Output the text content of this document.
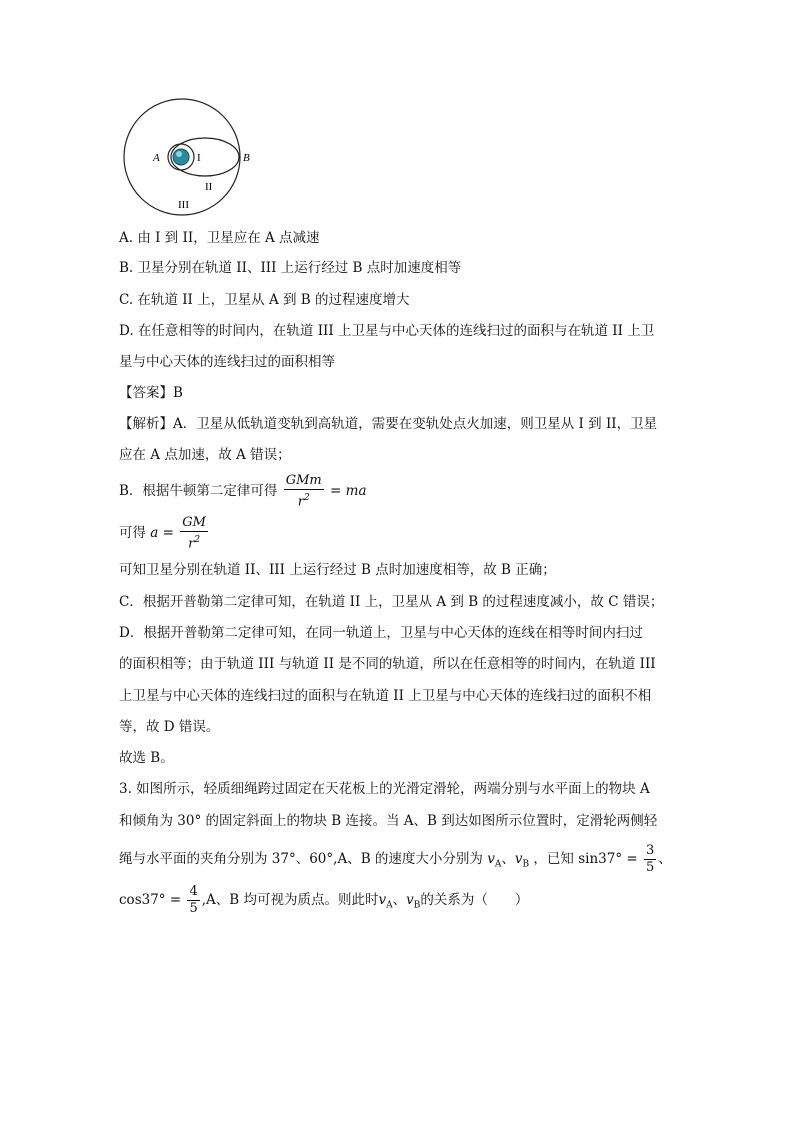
A	I	B
II
III
A. 由 I 到 II，卫星应在 A 点减速
B. 卫星分别在轨道 II、III 上运行经过 B 点时加速度相等
C. 在轨道 II 上，卫星从 A 到 B 的过程速度增大
D. 在任意相等的时间内，在轨道 III 上卫星与中心天体的连线扫过的面积与在轨道 II 上卫
星与中心天体的连线扫过的面积相等
【答案】B
【解析】A．卫星从低轨道变轨到高轨道，需要在变轨处点火加速，则卫星从 I 到 II，卫星
应在 A 点加速，故 A 错误；
B．根据牛顿第二定律可得 $\frac{\text{GMm}}{r^2}$ = ma
可得 $a = \frac{GM}{r^2}$
可知卫星分别在轨道 II、III 上运行经过 B 点时加速度相等，故 B 正确；
C．根据开普勒第二定律可知，在轨道 II 上，卫星从 A 到 B 的过程速度减小，故 C 错误；
D．根据开普勒第二定律可知，在同一轨道上，卫星与中心天体的连线在相等时间内扫过
的面积相等；由于轨道 III 与轨道 II 是不同的轨道，所以在任意相等的时间内，在轨道 III
上卫星与中心天体的连线扫过的面积与在轨道 II 上卫星与中心天体的连线扫过的面积不相
等，故 D 错误。
故选 B。
3. 如图所示，轻质细绳跨过固定在天花板上的光滑定滑轮，两端分别与水平面上的物块 A
和倾角为 30° 的固定斜面上的物块 B 连接。当 A、B 到达如图所示位置时，定滑轮两侧轻
绳与水平面的夹角分别为 37°、60°,A、B 的速度大小分别为 $v_A$、$v_B$ ，已知 $\sin 37^\circ = \frac{3}{5}$ 、
$\cos 37^\circ = \frac{4}{5} ,A$、B 均可视为质点。则此时$v_A$、$v_B$的关系为（　　）
